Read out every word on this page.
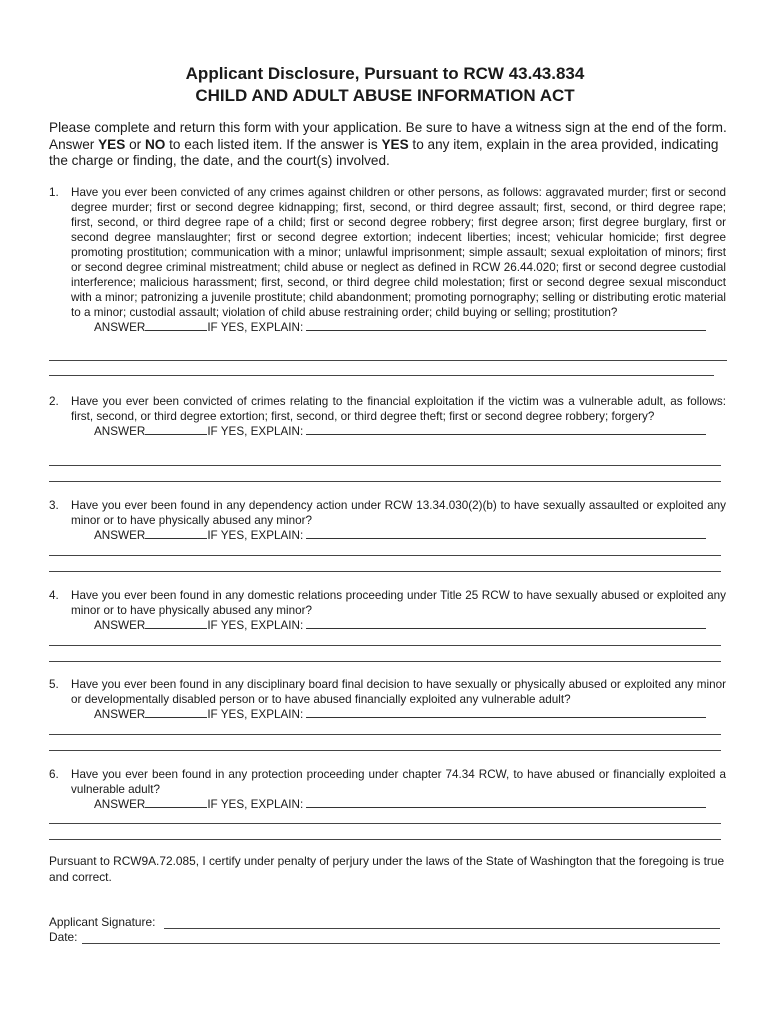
Applicant Disclosure, Pursuant to RCW 43.43.834
CHILD AND ADULT ABUSE INFORMATION ACT

Please complete and return this form with your application. Be sure to have a witness sign at the end of the form. Answer YES or NO to each listed item. If the answer is YES to any item, explain in the area provided, indicating the charge or finding, the date, and the court(s) involved.

1. Have you ever been convicted of any crimes against children or other persons, as follows: aggravated murder; first or second degree murder; first or second degree kidnapping; first, second, or third degree assault; first, second, or third degree rape; first, second, or third degree rape of a child; first or second degree robbery; first degree arson; first degree burglary, first or second degree manslaughter; first or second degree extortion; indecent liberties; incest; vehicular homicide; first degree promoting prostitution; communication with a minor; unlawful imprisonment; simple assault; sexual exploitation of minors; first or second degree criminal mistreatment; child abuse or neglect as defined in RCW 26.44.020; first or second degree custodial interference; malicious harassment; first, second, or third degree child molestation; first or second degree sexual misconduct with a minor; patronizing a juvenile prostitute; child abandonment; promoting pornography; selling or distributing erotic material to a minor; custodial assault; violation of child abuse restraining order; child buying or selling; prostitution?
ANSWER	IF YES, EXPLAIN:
2. Have you ever been convicted of crimes relating to the financial exploitation if the victim was a vulnerable adult, as follows: first, second, or third degree extortion; first, second, or third degree theft; first or second degree robbery; forgery?
ANSWER	IF YES, EXPLAIN:
3. Have you ever been found in any dependency action under RCW 13.34.030(2)(b) to have sexually assaulted or exploited any minor or to have physically abused any minor?
ANSWER	IF YES, EXPLAIN:
4. Have you ever been found in any domestic relations proceeding under Title 25 RCW to have sexually abused or exploited any minor or to have physically abused any minor?
ANSWER	IF YES, EXPLAIN:
5. Have you ever been found in any disciplinary board final decision to have sexually or physically abused or exploited any minor or developmentally disabled person or to have abused financially exploited any vulnerable adult?
ANSWER	IF YES, EXPLAIN:
6. Have you ever been found in any protection proceeding under chapter 74.34 RCW, to have abused or financially exploited a vulnerable adult?
ANSWER	IF YES, EXPLAIN:
Pursuant to RCW9A.72.085, I certify under penalty of perjury under the laws of the State of Washington that the foregoing is true and correct.
Applicant Signature:
Date:
